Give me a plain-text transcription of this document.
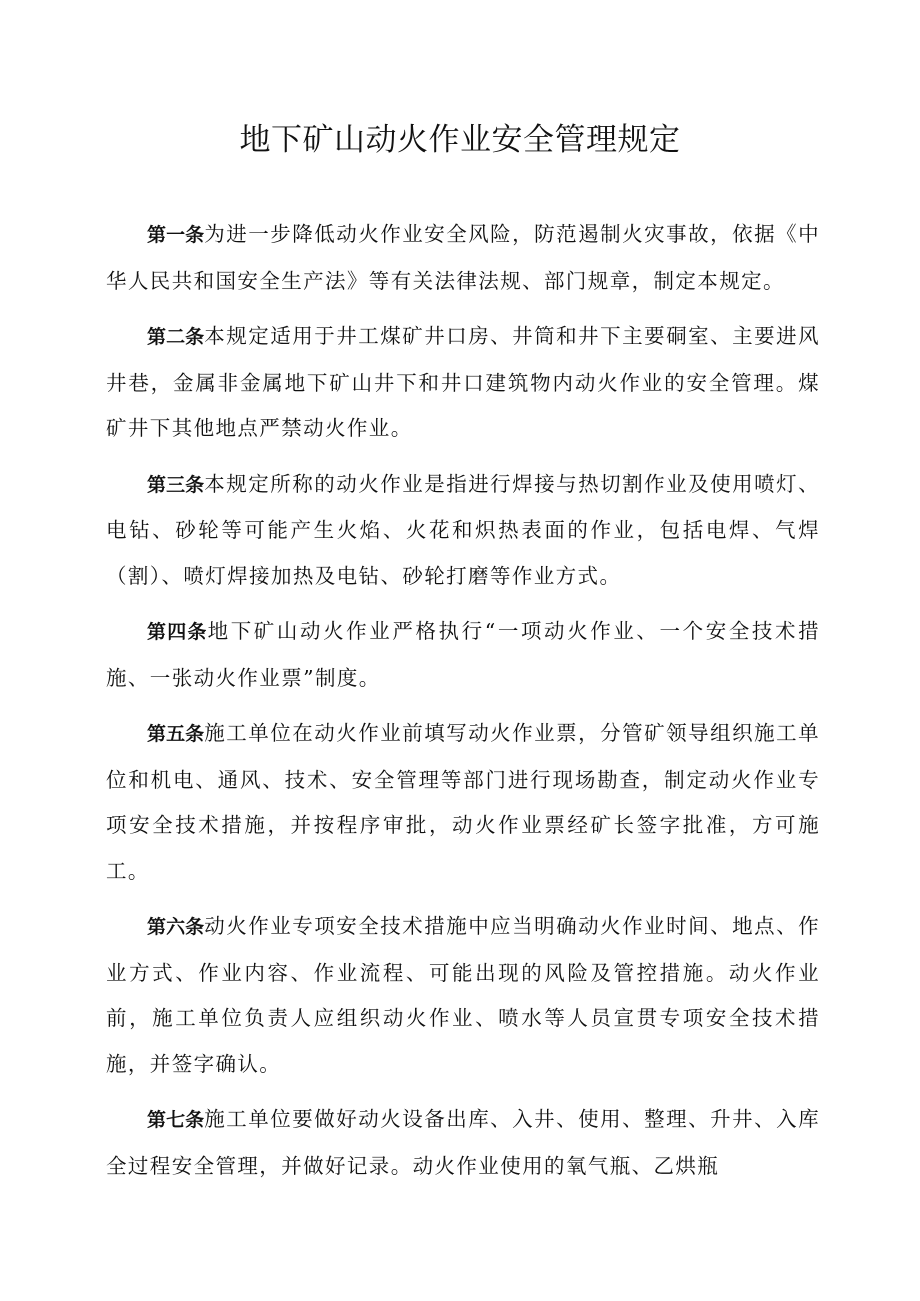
地下矿山动火作业安全管理规定

第一条为进一步降低动火作业安全风险，防范遏制火灾事故，依据《中华人民共和国安全生产法》等有关法律法规、部门规章，制定本规定。

第二条本规定适用于井工煤矿井口房、井筒和井下主要硐室、主要进风井巷，金属非金属地下矿山井下和井口建筑物内动火作业的安全管理。煤矿井下其他地点严禁动火作业。

第三条本规定所称的动火作业是指进行焊接与热切割作业及使用喷灯、电钻、砂轮等可能产生火焰、火花和炽热表面的作业，包括电焊、气焊（割）、喷灯焊接加热及电钻、砂轮打磨等作业方式。

第四条地下矿山动火作业严格执行“一项动火作业、一个安全技术措施、一张动火作业票”制度。

第五条施工单位在动火作业前填写动火作业票，分管矿领导组织施工单位和机电、通风、技术、安全管理等部门进行现场勘查，制定动火作业专项安全技术措施，并按程序审批，动火作业票经矿长签字批准，方可施工。

第六条动火作业专项安全技术措施中应当明确动火作业时间、地点、作业方式、作业内容、作业流程、可能出现的风险及管控措施。动火作业前，施工单位负责人应组织动火作业、喷水等人员宣贯专项安全技术措施，并签字确认。

第七条施工单位要做好动火设备出库、入井、使用、整理、升井、入库全过程安全管理，并做好记录。动火作业使用的氧气瓶、乙烘瓶
